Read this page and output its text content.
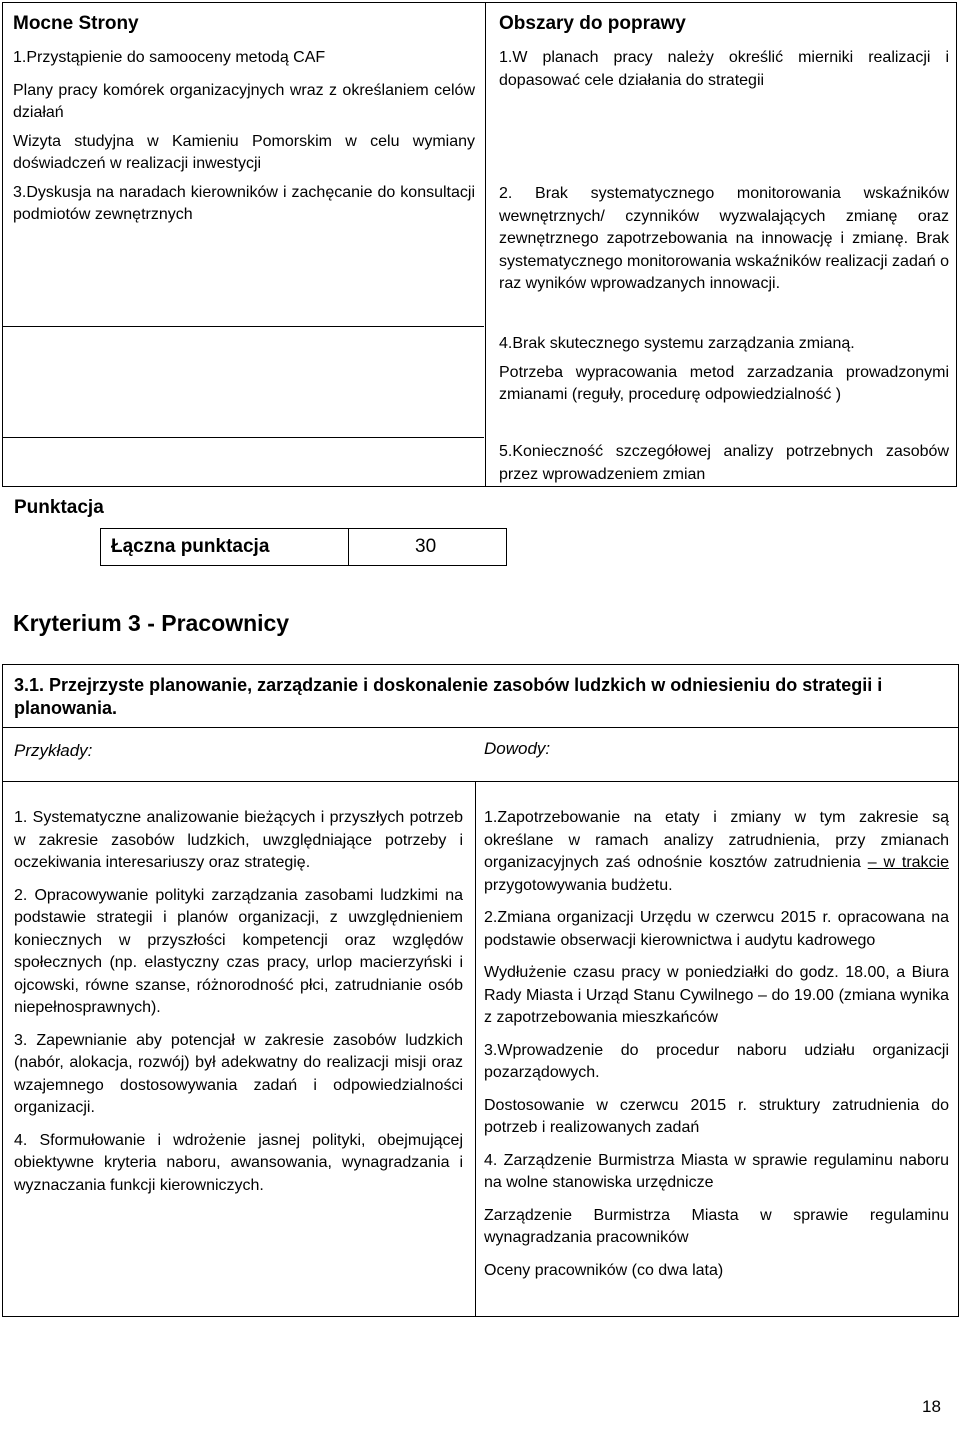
Mocne Strony

1.Przystąpienie do samooceny metodą CAF

Plany pracy komórek organizacyjnych wraz z określaniem celów działań

Wizyta studyjna w Kamieniu Pomorskim w celu wymiany doświadczeń w realizacji inwestycji

3.Dyskusja na naradach kierowników i zachęcanie do konsultacji podmiotów zewnętrznych

Obszary do poprawy

1.W planach pracy należy określić mierniki realizacji i dopasować cele działania do strategii

2. Brak systematycznego monitorowania wskaźników wewnętrznych/ czynników wyzwalających zmianę oraz zewnętrznego zapotrzebowania na innowację i zmianę. Brak systematycznego monitorowania wskaźników realizacji zadań o raz wyników wprowadzanych innowacji.

4.Brak skutecznego systemu zarządzania zmianą.

Potrzeba wypracowania metod zarzadzania prowadzonymi zmianami (reguły, procedurę odpowiedzialność )

5.Konieczność szczegółowej analizy potrzebnych zasobów przez wprowadzeniem zmian

Punktacja
Łączna punktacja	30
Kryterium 3 - Pracownicy
3.1. Przejrzyste planowanie, zarządzanie i doskonalenie zasobów ludzkich w odniesieniu do strategii i planowania.
Przykłady:	Dowody:

1. Systematyczne analizowanie bieżących i przyszłych potrzeb w zakresie zasobów ludzkich, uwzględniające potrzeby i oczekiwania interesariuszy oraz strategię.

2. Opracowywanie polityki zarządzania zasobami ludzkimi na podstawie strategii i planów organizacji, z uwzględnieniem koniecznych w przyszłości kompetencji oraz względów społecznych (np. elastyczny czas pracy, urlop macierzyński i ojcowski, równe szanse, różnorodność płci, zatrudnianie osób niepełnosprawnych).

3. Zapewnianie aby potencjał w zakresie zasobów ludzkich (nabór, alokacja, rozwój) był adekwatny do realizacji misji oraz wzajemnego dostosowywania zadań i odpowiedzialności organizacji.

4. Sformułowanie i wdrożenie jasnej polityki, obejmującej obiektywne kryteria naboru, awansowania, wynagradzania i wyznaczania funkcji kierowniczych.

1.Zapotrzebowanie na etaty i zmiany w tym zakresie są określane w ramach analizy zatrudnienia, przy zmianach organizacyjnych zaś odnośnie kosztów zatrudnienia – w trakcie przygotowywania budżetu.

2.Zmiana organizacji Urzędu w czerwcu 2015 r. opracowana na podstawie obserwacji kierownictwa i audytu kadrowego

Wydłużenie czasu pracy w poniedziałki do godz. 18.00, a Biura Rady Miasta i Urząd Stanu Cywilnego – do 19.00 (zmiana wynika z zapotrzebowania mieszkańców

3.Wprowadzenie do procedur naboru udziału organizacji pozarządowych.

Dostosowanie w czerwcu 2015 r. struktury zatrudnienia do potrzeb i realizowanych zadań

4. Zarządzenie Burmistrza Miasta w sprawie regulaminu naboru na wolne stanowiska urzędnicze

Zarządzenie Burmistrza Miasta w sprawie regulaminu wynagradzania pracowników

Oceny pracowników (co dwa lata)

18
